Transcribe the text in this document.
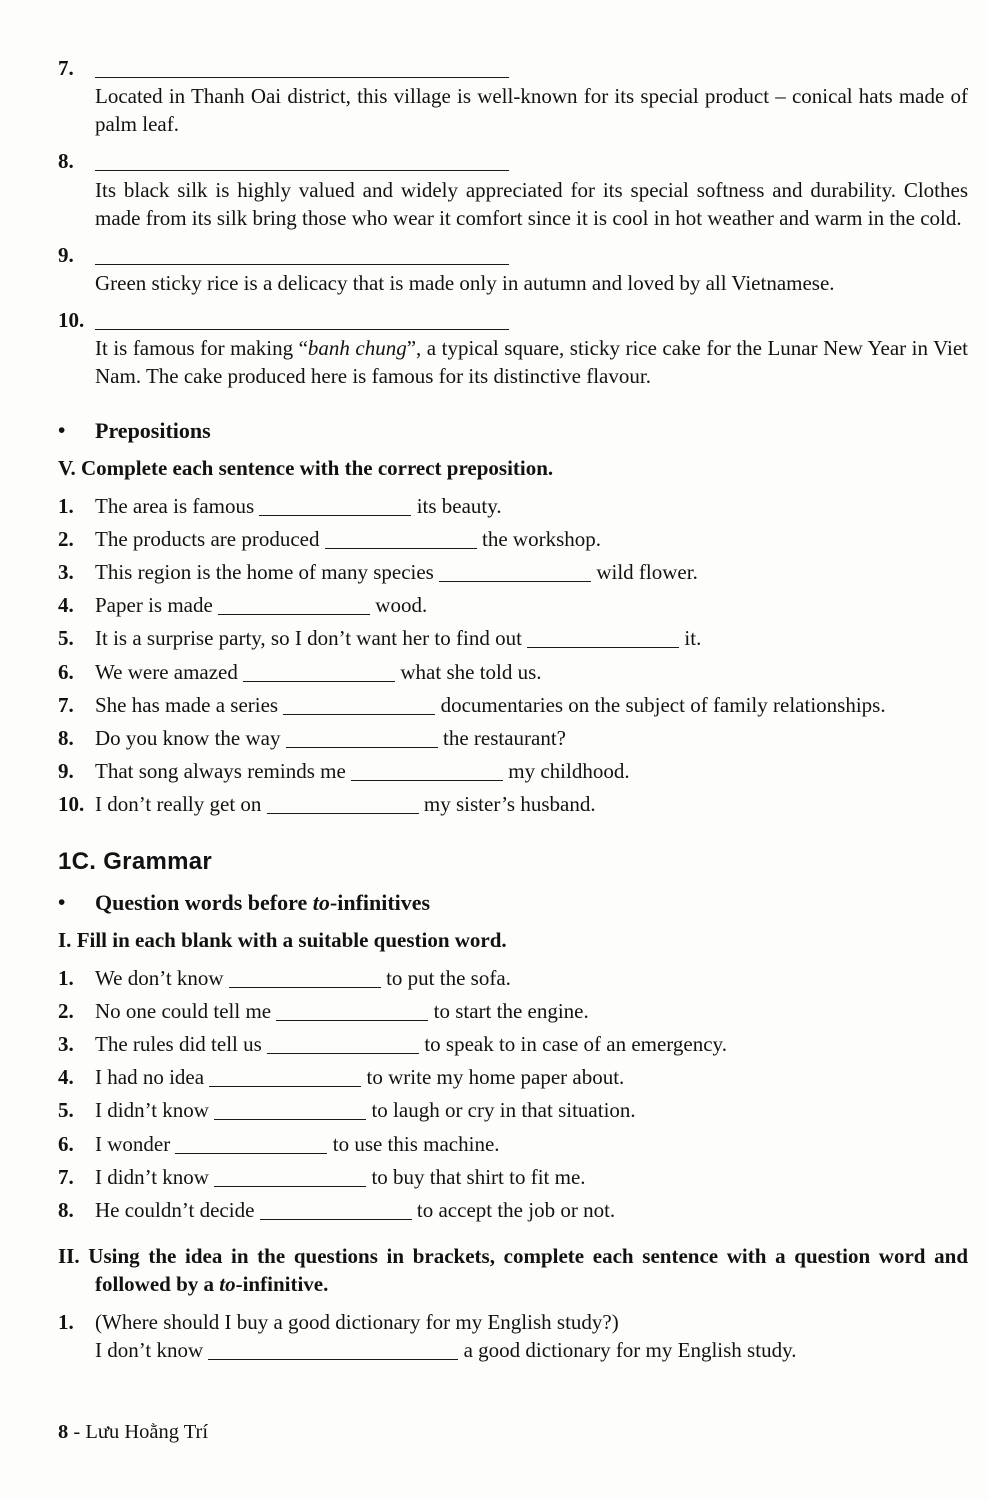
7.

Located in Thanh Oai district, this village is well-known for its special product – conical hats made of palm leaf.

8.

Its black silk is highly valued and widely appreciated for its special softness and durability. Clothes made from its silk bring those who wear it comfort since it is cool in hot weather and warm in the cold.

9.

Green sticky rice is a delicacy that is made only in autumn and loved by all Vietnamese.

10.

It is famous for making “banh chung”, a typical square, sticky rice cake for the Lunar New Year in Viet Nam. The cake produced here is famous for its distinctive flavour.

•	Prepositions
V. Complete each sentence with the correct preposition.
1.	The area is famous	its beauty.
2.	The products are produced	the workshop.
3.	This region is the home of many species	wild flower.
4.	Paper is made	wood.
5.	It is a surprise party, so I don’t want her to find out	it.
6.	We were amazed	what she told us.
7.	She has made a series	documentaries on the subject of family relationships.
8.	Do you know the way	the restaurant?
9.	That song always reminds me	my childhood.
10. I don’t really get on	my sister’s husband.
1C. Grammar
•	Question words before to-infinitives
I. Fill in each blank with a suitable question word.
1.	We don’t know	to put the sofa.
2.	No one could tell me	to start the engine.
3.	The rules did tell us	to speak to in case of an emergency.
4.	I had no idea	to write my home paper about.
5.	I didn’t know	to laugh or cry in that situation.
6.	I wonder	to use this machine.
7.	I didn’t know	to buy that shirt to fit me.
8.	He couldn’t decide	to accept the job or not.
II. Using the idea in the questions in brackets, complete each sentence with a question word and followed by a to-infinitive.
1.	(Where should I buy a good dictionary for my English study?)
I don’t know	a good dictionary for my English study.
8 - Lưu Hoằng Trí
